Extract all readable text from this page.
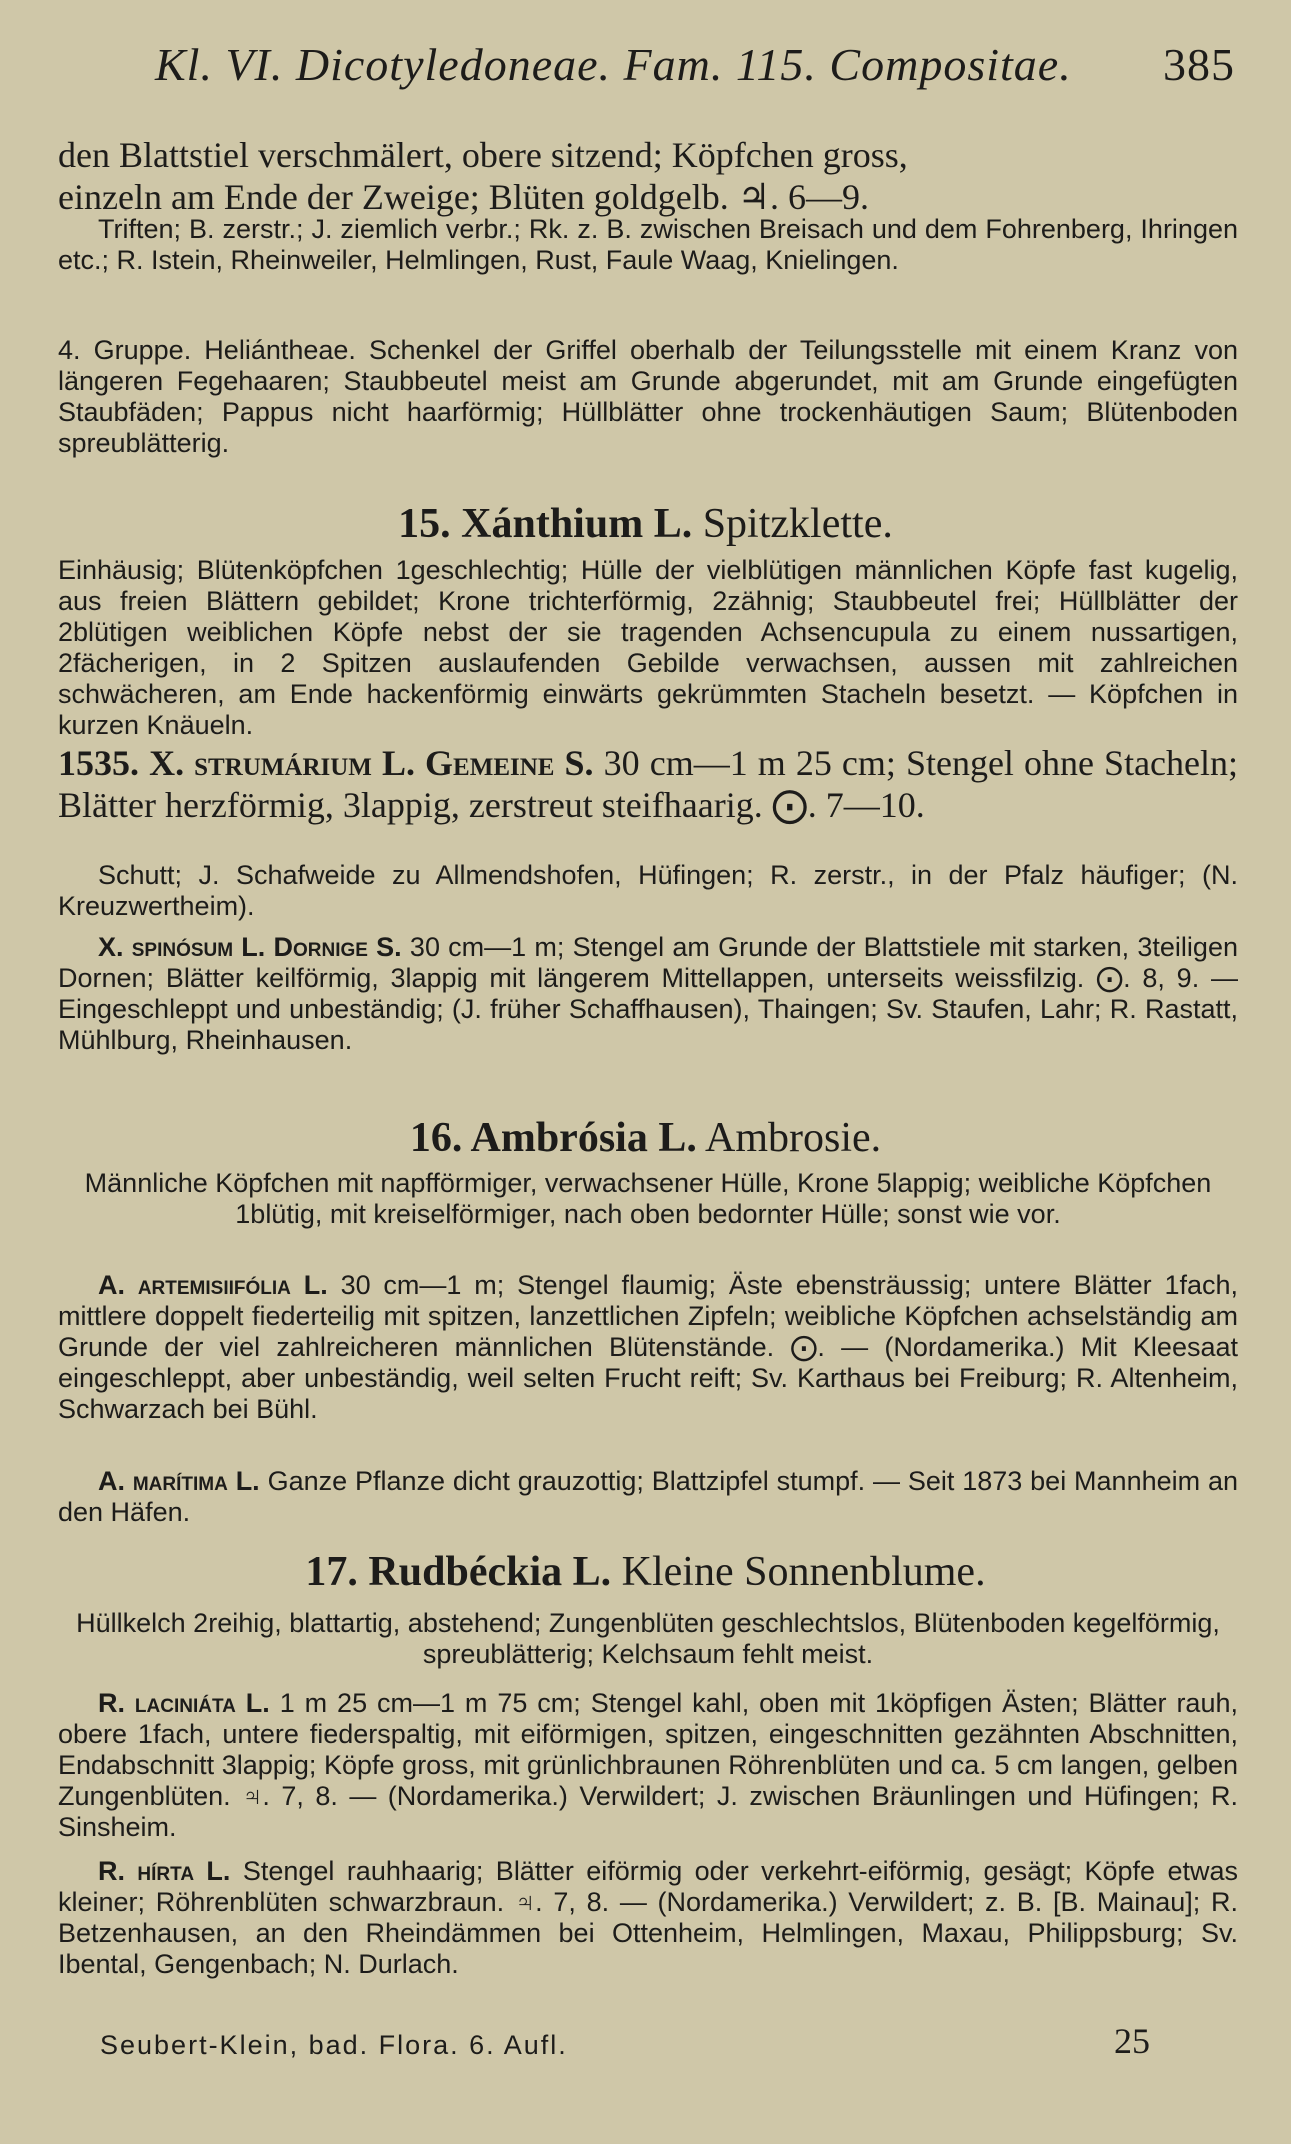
Kl. VI. Dicotyledoneae. Fam. 115. Compositae. 385
den Blattstiel verschmälert, obere sitzend; Köpfchen gross,
einzeln am Ende der Zweige; Blüten goldgelb. ♃. 6—9.
Triften; B. zerstr.; J. ziemlich verbr.; Rk. z. B. zwischen Breisach und dem Fohrenberg, Ihringen etc.; R. Istein, Rheinweiler, Helmlingen, Rust, Faule Waag, Knielingen.
4. Gruppe. Heliántheae. Schenkel der Griffel oberhalb der Teilungsstelle mit einem Kranz von längeren Fegehaaren; Staubbeutel meist am Grunde abgerundet, mit am Grunde eingefügten Staubfäden; Pappus nicht haarförmig; Hüllblätter ohne trockenhäutigen Saum; Blütenboden spreublätterig.
15. Xánthium L. Spitzklette.
Einhäusig; Blütenköpfchen 1geschlechtig; Hülle der vielblütigen männlichen Köpfe fast kugelig, aus freien Blättern gebildet; Krone trichterförmig, 2zähnig; Staubbeutel frei; Hüllblätter der 2blütigen weiblichen Köpfe nebst der sie tragenden Achsencupula zu einem nussartigen, 2fächerigen, in 2 Spitzen auslaufenden Gebilde verwachsen, aussen mit zahlreichen schwächeren, am Ende hackenförmig einwärts gekrümmten Stacheln besetzt. — Köpfchen in kurzen Knäueln.
1535. X. strumárium L. Gemeine S. 30 cm—1 m 25 cm; Stengel ohne Stacheln; Blätter herzförmig, 3lappig, zerstreut steifhaarig. ⨀. 7—10.
Schutt; J. Schafweide zu Allmendshofen, Hüfingen; R. zerstr., in der Pfalz häufiger; (N. Kreuzwertheim).
X. spinósum L. Dornige S. 30 cm—1 m; Stengel am Grunde der Blattstiele mit starken, 3teiligen Dornen; Blätter keilförmig, 3lappig mit längerem Mittellappen, unterseits weissfilzig. ⨀. 8, 9. — Eingeschleppt und unbeständig; (J. früher Schaffhausen), Thaingen; Sv. Staufen, Lahr; R. Rastatt, Mühlburg, Rheinhausen.
16. Ambrósia L. Ambrosie.
Männliche Köpfchen mit napfförmiger, verwachsener Hülle, Krone 5lappig; weibliche Köpfchen 1blütig, mit kreiselförmiger, nach oben bedornter Hülle; sonst wie vor.
A. artemisiifólia L. 30 cm—1 m; Stengel flaumig; Äste ebensträussig; untere Blätter 1fach, mittlere doppelt fiederteilig mit spitzen, lanzettlichen Zipfeln; weibliche Köpfchen achselständig am Grunde der viel zahlreicheren männlichen Blütenstände. ⨀. — (Nordamerika.) Mit Kleesaat eingeschleppt, aber unbeständig, weil selten Frucht reift; Sv. Karthaus bei Freiburg; R. Altenheim, Schwarzach bei Bühl.
A. marítima L. Ganze Pflanze dicht grauzottig; Blattzipfel stumpf. — Seit 1873 bei Mannheim an den Häfen.
17. Rudbéckia L. Kleine Sonnenblume.
Hüllkelch 2reihig, blattartig, abstehend; Zungenblüten geschlechtslos, Blütenboden kegelförmig, spreublätterig; Kelchsaum fehlt meist.
R. laciniáta L. 1 m 25 cm—1 m 75 cm; Stengel kahl, oben mit 1köpfigen Ästen; Blätter rauh, obere 1fach, untere fiederspaltig, mit eiförmigen, spitzen, eingeschnitten gezähnten Abschnitten, Endabschnitt 3lappig; Köpfe gross, mit grünlichbraunen Röhrenblüten und ca. 5 cm langen, gelben Zungenblüten. ♃. 7, 8. — (Nordamerika.) Verwildert; J. zwischen Bräunlingen und Hüfingen; R. Sinsheim.
R. hírta L. Stengel rauhhaarig; Blätter eiförmig oder verkehrt-eiförmig, gesägt; Köpfe etwas kleiner; Röhrenblüten schwarzbraun. ♃. 7, 8. — (Nordamerika.) Verwildert; z. B. [B. Mainau]; R. Betzenhausen, an den Rheindämmen bei Ottenheim, Helmlingen, Maxau, Philippsburg; Sv. Ibental, Gengenbach; N. Durlach.
Seubert-Klein, bad. Flora. 6. Aufl.	25
